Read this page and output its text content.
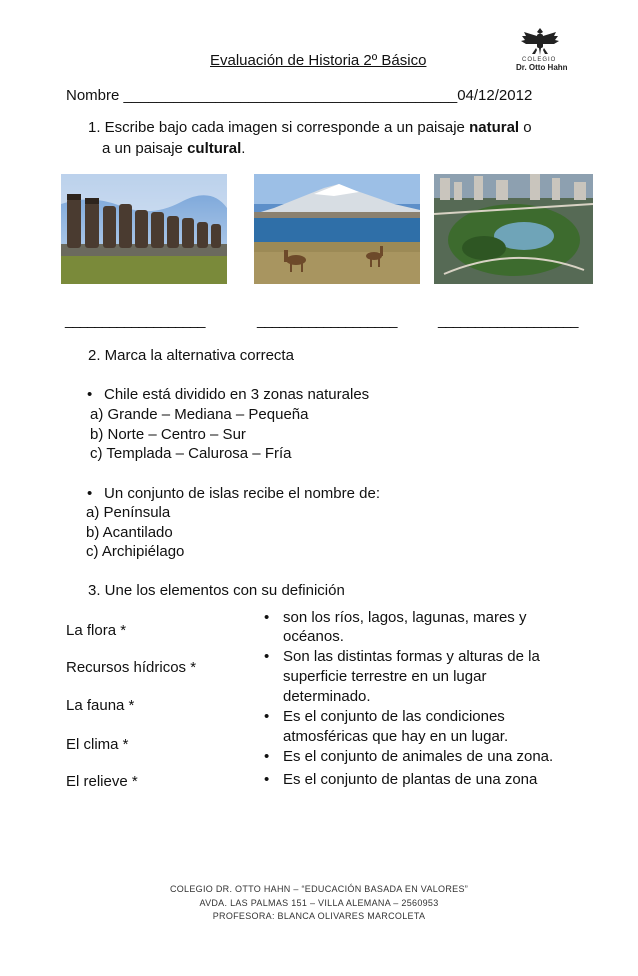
Evaluación de Historia 2º Básico	COLEGIO
Dr. Otto Hahn
Nombre ________________________________________04/12/2012
1. Escribe bajo cada imagen si corresponde a un paisaje natural o
a un paisaje cultural.
___________________	___________________	___________________
2. Marca la alternativa correcta
• Chile está dividido en 3 zonas naturales
a) Grande – Mediana – Pequeña
b) Norte – Centro – Sur
c) Templada – Calurosa – Fría
• Un conjunto de islas recibe el nombre de:
a) Península
b) Acantilado
c) Archipiélago
3. Une los elementos con su definición
La flora *
Recursos hídricos *
La fauna *
El clima *
El relieve *
• son los ríos, lagos, lagunas, mares y
océanos.
• Son las distintas formas y alturas de la
superficie terrestre en un lugar
determinado.
• Es el conjunto de las condiciones
atmosféricas que hay en un lugar.
• Es el conjunto de animales de una zona.
• Es el conjunto de plantas de una zona
COLEGIO DR. OTTO HAHN – “EDUCACIÓN BASADA EN VALORES”
AVDA. LAS PALMAS 151 – VILLA ALEMANA – 2560953
PROFESORA: BLANCA OLIVARES MARCOLETA
